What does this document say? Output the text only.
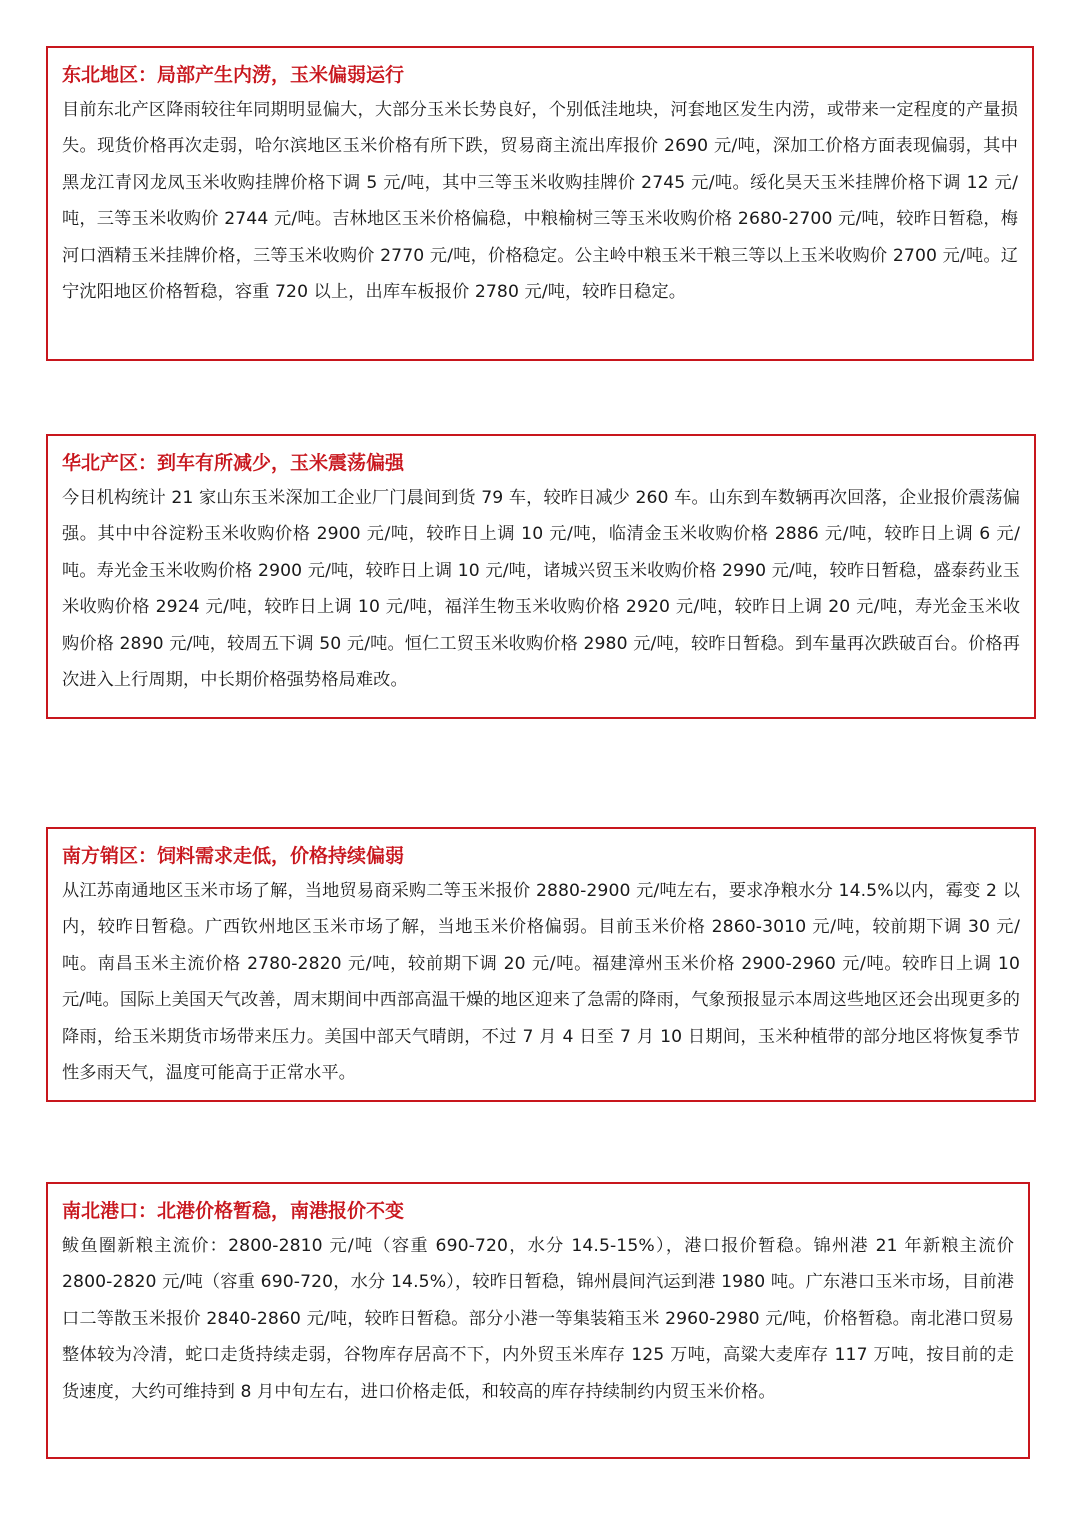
东北地区：局部产生内涝，玉米偏弱运行

目前东北产区降雨较往年同期明显偏大，大部分玉米长势良好，个别低洼地块，河套地区发生内涝，或带来一定程度的产量损失。现货价格再次走弱，哈尔滨地区玉米价格有所下跌，贸易商主流出库报价 2690 元/吨，深加工价格方面表现偏弱，其中黑龙江青冈龙凤玉米收购挂牌价格下调 5 元/吨，其中三等玉米收购挂牌价 2745 元/吨。绥化昊天玉米挂牌价格下调 12 元/吨，三等玉米收购价 2744 元/吨。吉林地区玉米价格偏稳，中粮榆树三等玉米收购价格 2680-2700 元/吨，较昨日暂稳，梅河口酒精玉米挂牌价格，三等玉米收购价 2770 元/吨，价格稳定。公主岭中粮玉米干粮三等以上玉米收购价 2700 元/吨。辽宁沈阳地区价格暂稳，容重 720 以上，出库车板报价 2780 元/吨，较昨日稳定。

华北产区：到车有所减少，玉米震荡偏强

今日机构统计 21 家山东玉米深加工企业厂门晨间到货 79 车，较昨日减少 260 车。山东到车数辆再次回落，企业报价震荡偏强。其中中谷淀粉玉米收购价格 2900 元/吨，较昨日上调 10 元/吨，临清金玉米收购价格 2886 元/吨，较昨日上调 6 元/吨。寿光金玉米收购价格 2900 元/吨，较昨日上调 10 元/吨，诸城兴贸玉米收购价格 2990 元/吨，较昨日暂稳，盛泰药业玉米收购价格 2924 元/吨，较昨日上调 10 元/吨，福洋生物玉米收购价格 2920 元/吨，较昨日上调 20 元/吨，寿光金玉米收购价格 2890 元/吨，较周五下调 50 元/吨。恒仁工贸玉米收购价格 2980 元/吨，较昨日暂稳。到车量再次跌破百台。价格再次进入上行周期，中长期价格强势格局难改。

南方销区：饲料需求走低，价格持续偏弱

从江苏南通地区玉米市场了解，当地贸易商采购二等玉米报价 2880-2900 元/吨左右，要求净粮水分 14.5%以内，霉变 2 以内，较昨日暂稳。广西钦州地区玉米市场了解，当地玉米价格偏弱。目前玉米价格 2860-3010 元/吨，较前期下调 30 元/吨。南昌玉米主流价格 2780-2820 元/吨，较前期下调 20 元/吨。福建漳州玉米价格 2900-2960 元/吨。较昨日上调 10 元/吨。国际上美国天气改善，周末期间中西部高温干燥的地区迎来了急需的降雨，气象预报显示本周这些地区还会出现更多的降雨，给玉米期货市场带来压力。美国中部天气晴朗，不过 7 月 4 日至 7 月 10 日期间，玉米种植带的部分地区将恢复季节性多雨天气，温度可能高于正常水平。

南北港口：北港价格暂稳，南港报价不变

鲅鱼圈新粮主流价：2800-2810 元/吨（容重 690-720，水分 14.5-15%），港口报价暂稳。锦州港 21 年新粮主流价 2800-2820 元/吨（容重 690-720，水分 14.5%），较昨日暂稳，锦州晨间汽运到港 1980 吨。广东港口玉米市场，目前港口二等散玉米报价 2840-2860 元/吨，较昨日暂稳。部分小港一等集装箱玉米 2960-2980 元/吨，价格暂稳。南北港口贸易整体较为冷清，蛇口走货持续走弱，谷物库存居高不下，内外贸玉米库存 125 万吨，高粱大麦库存 117 万吨，按目前的走货速度，大约可维持到 8 月中旬左右，进口价格走低，和较高的库存持续制约内贸玉米价格。
